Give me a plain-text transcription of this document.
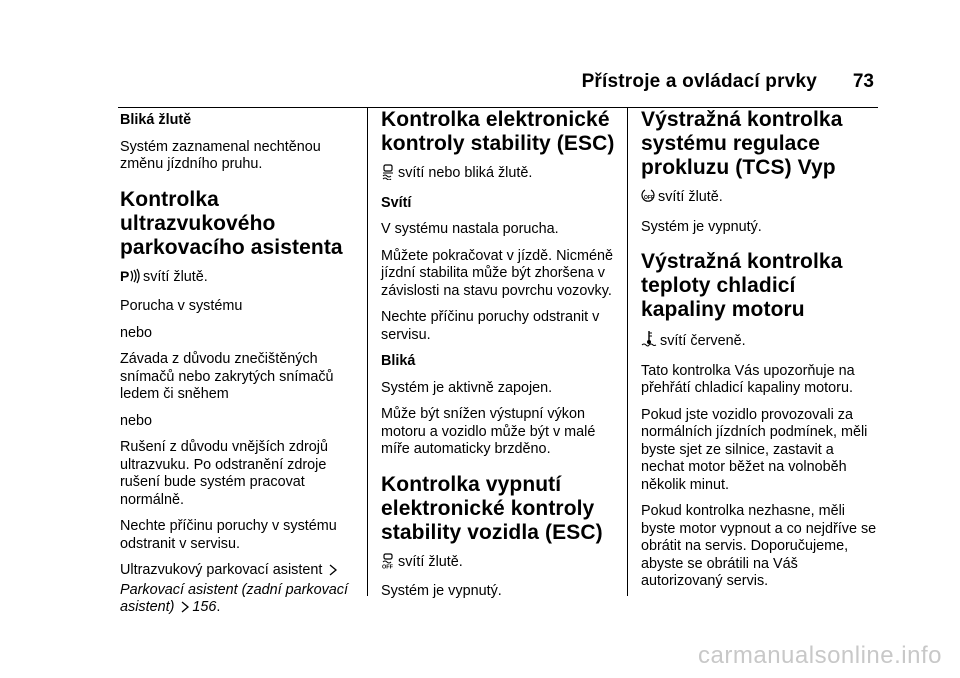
Přístroje a ovládací prvky 73

Bliká žlutě

Systém zaznamenal nechtěnou změnu jízdního pruhu.

Kontrolka ultrazvukového parkovacího asistenta

P svítí žlutě.

Porucha v systému

nebo

Závada z důvodu znečištěných snímačů nebo zakrytých snímačů ledem či sněhem

nebo

Rušení z důvodu vnějších zdrojů ultrazvuku. Po odstranění zdroje rušení bude systém pracovat normálně.

Nechte příčinu poruchy v systému odstranit v servisu.

Ultrazvukový parkovací asistent
Parkovací asistent (zadní parkovací asistent) 156.

Kontrolka elektronické kontroly stability (ESC)

svítí nebo bliká žlutě.

Svítí

V systému nastala porucha.

Můžete pokračovat v jízdě. Nicméně jízdní stabilita může být zhoršena v závislosti na stavu povrchu vozovky.

Nechte příčinu poruchy odstranit v servisu.

Bliká

Systém je aktivně zapojen.

Může být snížen výstupní výkon motoru a vozidlo může být v malé míře automaticky brzděno.

Kontrolka vypnutí elektronické kontroly stability vozidla (ESC)

OFF svítí žlutě.

Systém je vypnutý.

Výstražná kontrolka systému regulace prokluzu (TCS) Vyp

OFF svítí žlutě.

Systém je vypnutý.

Výstražná kontrolka teploty chladicí kapaliny motoru

svítí červeně.

Tato kontrolka Vás upozorňuje na přehřátí chladicí kapaliny motoru.

Pokud jste vozidlo provozovali za normálních jízdních podmínek, měli byste sjet ze silnice, zastavit a nechat motor běžet na volnoběh několik minut.

Pokud kontrolka nezhasne, měli byste motor vypnout a co nejdříve se obrátit na servis. Doporučujeme, abyste se obrátili na Váš autorizovaný servis.

carmanualsonline.info
